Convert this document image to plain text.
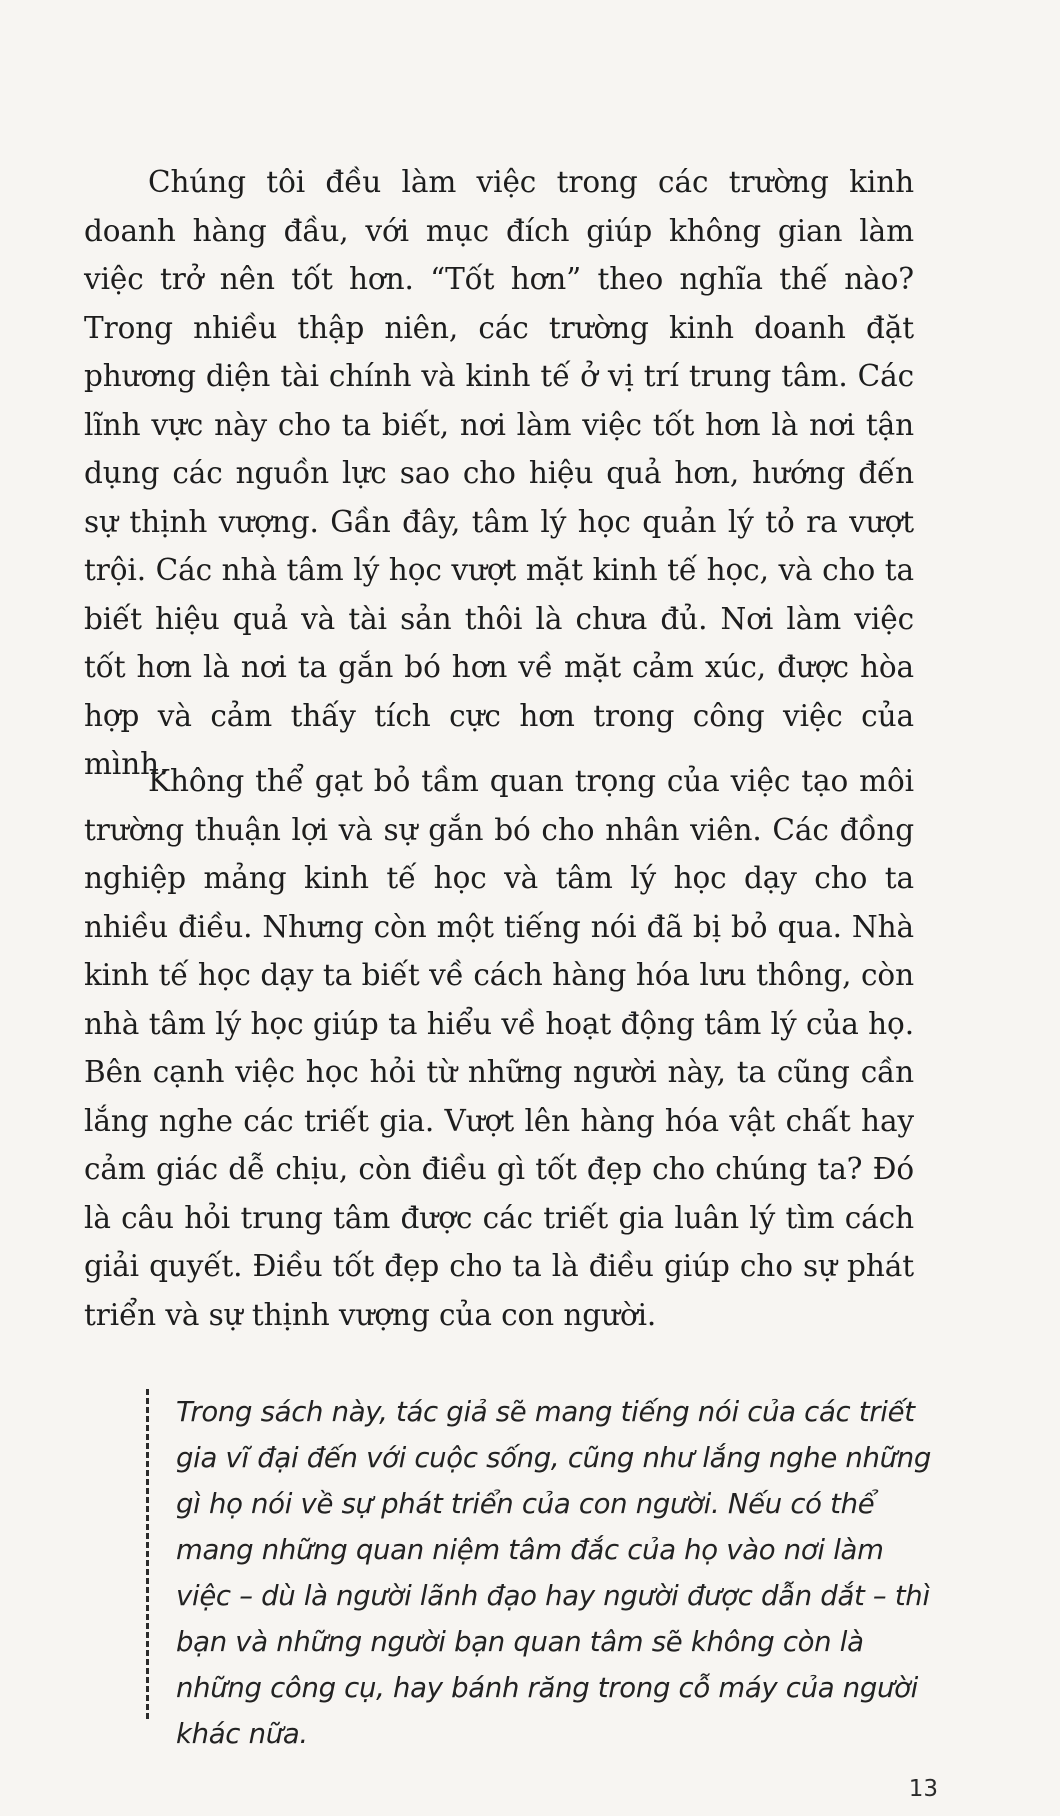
Chúng tôi đều làm việc trong các trường kinh doanh hàng đầu, với mục đích giúp không gian làm việc trở nên tốt hơn. “Tốt hơn” theo nghĩa thế nào? Trong nhiều thập niên, các trường kinh doanh đặt phương diện tài chính và kinh tế ở vị trí trung tâm. Các lĩnh vực này cho ta biết, nơi làm việc tốt hơn là nơi tận dụng các nguồn lực sao cho hiệu quả hơn, hướng đến sự thịnh vượng. Gần đây, tâm lý học quản lý tỏ ra vượt trội. Các nhà tâm lý học vượt mặt kinh tế học, và cho ta biết hiệu quả và tài sản thôi là chưa đủ. Nơi làm việc tốt hơn là nơi ta gắn bó hơn về mặt cảm xúc, được hòa hợp và cảm thấy tích cực hơn trong công việc của mình.

Không thể gạt bỏ tầm quan trọng của việc tạo môi trường thuận lợi và sự gắn bó cho nhân viên. Các đồng nghiệp mảng kinh tế học và tâm lý học dạy cho ta nhiều điều. Nhưng còn một tiếng nói đã bị bỏ qua. Nhà kinh tế học dạy ta biết về cách hàng hóa lưu thông, còn nhà tâm lý học giúp ta hiểu về hoạt động tâm lý của họ. Bên cạnh việc học hỏi từ những người này, ta cũng cần lắng nghe các triết gia. Vượt lên hàng hóa vật chất hay cảm giác dễ chịu, còn điều gì tốt đẹp cho chúng ta? Đó là câu hỏi trung tâm được các triết gia luân lý tìm cách giải quyết. Điều tốt đẹp cho ta là điều giúp cho sự phát triển và sự thịnh vượng của con người.

Trong sách này, tác giả sẽ mang tiếng nói của các triết gia vĩ đại đến với cuộc sống, cũng như lắng nghe những gì họ nói về sự phát triển của con người. Nếu có thể mang những quan niệm tâm đắc của họ vào nơi làm việc – dù là người lãnh đạo hay người được dẫn dắt – thì bạn và những người bạn quan tâm sẽ không còn là những công cụ, hay bánh răng trong cỗ máy của người khác nữa.

13
